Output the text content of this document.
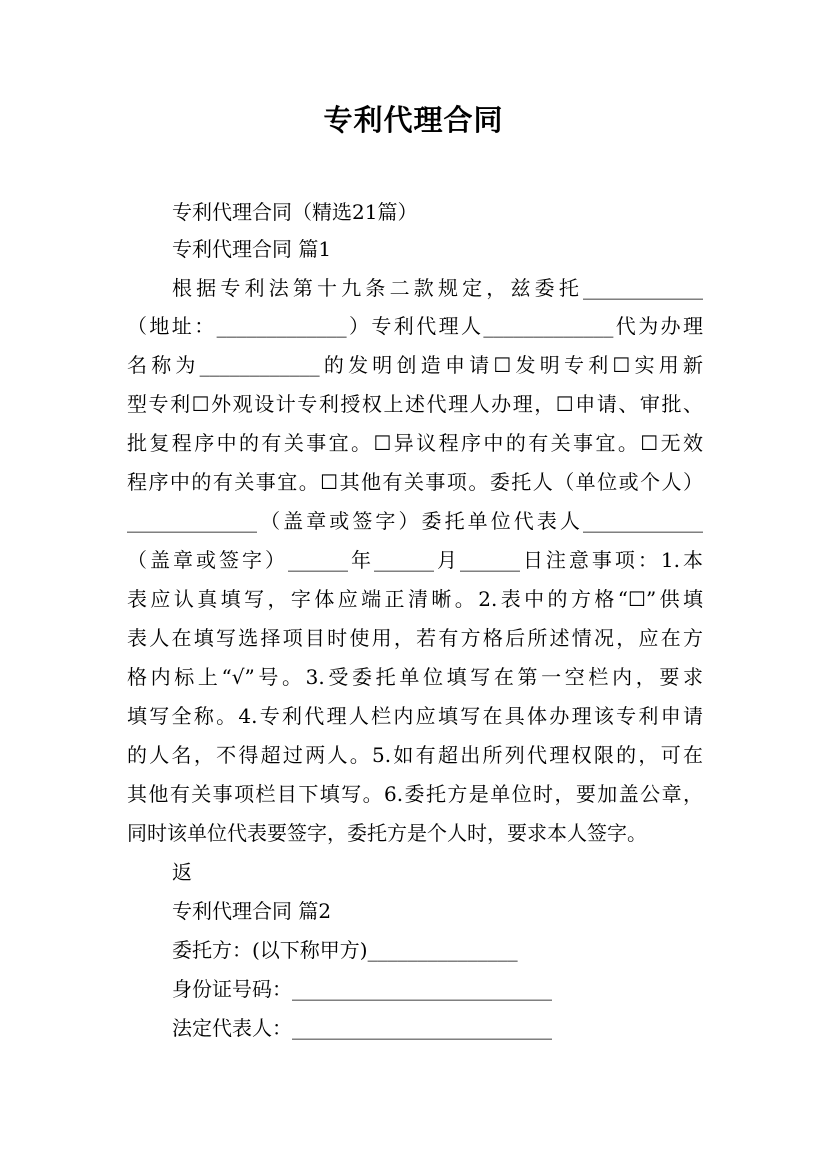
专利代理合同
专利代理合同（精选21篇）
专利代理合同 篇1
根据专利法第十九条二款规定，兹委托____________
（地址：_____________）专利代理人_____________代为办理
名称为____________的发明创造申请☐发明专利☐实用新
型专利☐外观设计专利授权上述代理人办理，☐申请、审批、
批复程序中的有关事宜。☐异议程序中的有关事宜。☐无效
程序中的有关事宜。☐其他有关事项。委托人（单位或个人）
_____________（盖章或签字）委托单位代表人____________
（盖章或签字）______年______月______日注意事项：1.本
表应认真填写，字体应端正清晰。2.表中的方格“☐”供填
表人在填写选择项目时使用，若有方格后所述情况，应在方
格内标上“√”号。3.受委托单位填写在第一空栏内，要求
填写全称。4.专利代理人栏内应填写在具体办理该专利申请
的人名，不得超过两人。5.如有超出所列代理权限的，可在
其他有关事项栏目下填写。6.委托方是单位时，要加盖公章，
同时该单位代表要签字，委托方是个人时，要求本人签字。
返
专利代理合同 篇2
委托方：(以下称甲方)_______________
身份证号码：__________________________
法定代表人：__________________________
